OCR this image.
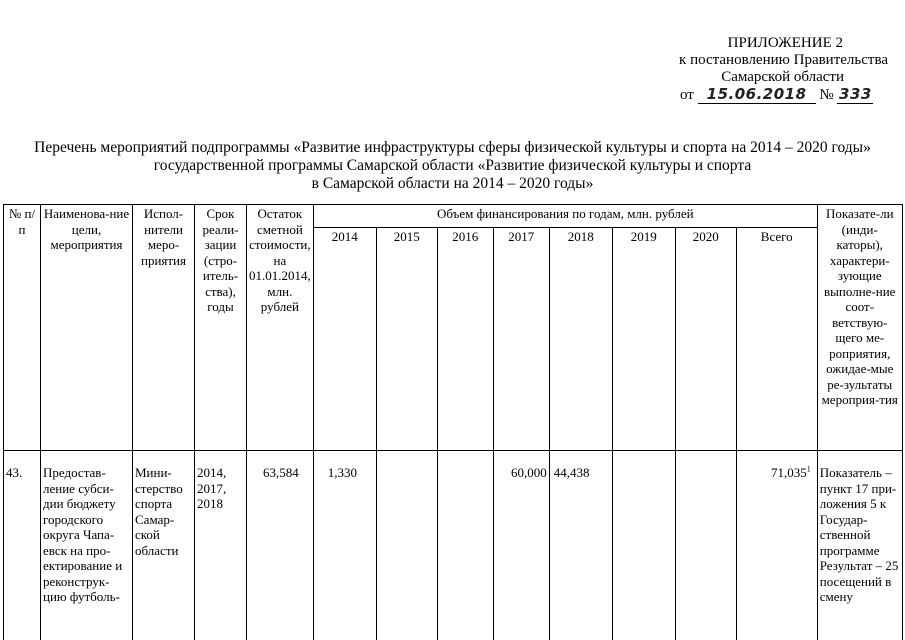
ПРИЛОЖЕНИЕ 2
к постановлению Правительства
Самарской области
от 15.06.2018 № 333
Перечень мероприятий подпрограммы «Развитие инфраструктуры сферы физической культуры и спорта на 2014 – 2020 годы»
государственной программы Самарской области «Развитие физической культуры и спорта
в Самарской области на 2014 – 2020 годы»
№ п/п	Наименова-ние цели, мероприятия	Испол-нители меро-приятия	Срок реали-зации (стро-итель-ства), годы	Остаток сметной стоимости, на 01.01.2014, млн. рублей	Объем финансирования по годам, млн. рублей								Показате-ли (инди-каторы), характери-зующие выполне-ние соот-ветствую-щего ме-роприятия, ожидае-мые ре-зультаты мероприя-тия
					2014	2015	2016	2017	2018	2019	2020	Всего	
43.	Предостав-ление субси-дии бюджету городского округа Чапа-евск на про-ектирование и реконструк-цию футболь-	Мини-стерство спорта Самар-ской области	2014, 2017, 2018	63,584	1,330			60,000	44,438			71,035$^1$	Показатель – пункт 17 при-ложения 5 к Государ-ственной программе Результат – 25 посещений в смену
